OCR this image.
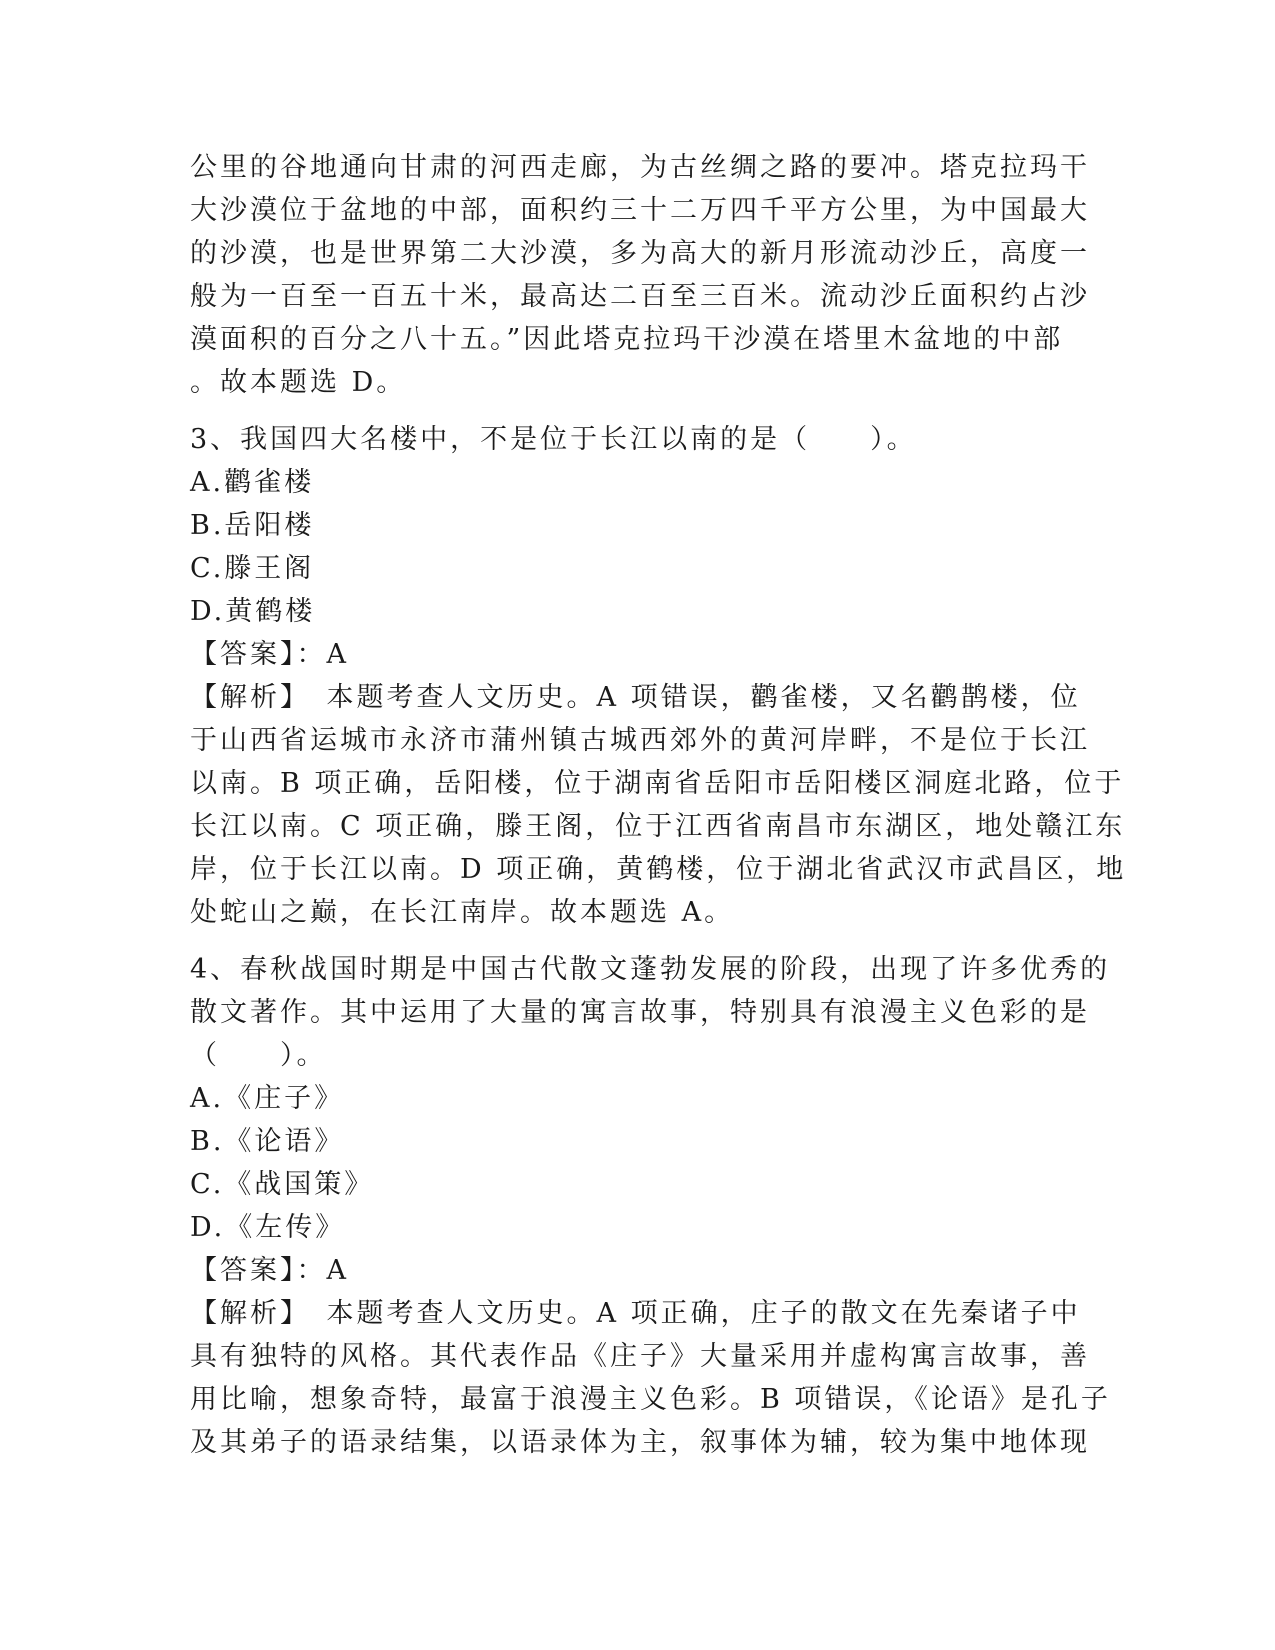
公里的谷地通向甘肃的河西走廊，为古丝绸之路的要冲。塔克拉玛干
大沙漠位于盆地的中部，面积约三十二万四千平方公里，为中国最大
的沙漠，也是世界第二大沙漠，多为高大的新月形流动沙丘，高度一
般为一百至一百五十米，最高达二百至三百米。流动沙丘面积约占沙
漠面积的百分之八十五。”因此塔克拉玛干沙漠在塔里木盆地的中部
。故本题选 D。
3、我国四大名楼中，不是位于长江以南的是（　　）。
A.鹳雀楼
B.岳阳楼
C.滕王阁
D.黄鹤楼
【答案】：A
【解析】　本题考查人文历史。A 项错误，鹳雀楼，又名鹳鹊楼，位
于山西省运城市永济市蒲州镇古城西郊外的黄河岸畔，不是位于长江
以南。B 项正确，岳阳楼，位于湖南省岳阳市岳阳楼区洞庭北路，位于
长江以南。C 项正确，滕王阁，位于江西省南昌市东湖区，地处赣江东
岸，位于长江以南。D 项正确，黄鹤楼，位于湖北省武汉市武昌区，地
处蛇山之巅，在长江南岸。故本题选 A。
4、春秋战国时期是中国古代散文蓬勃发展的阶段，出现了许多优秀的
散文著作。其中运用了大量的寓言故事，特别具有浪漫主义色彩的是
（　　）。
A.《庄子》
B.《论语》
C.《战国策》
D.《左传》
【答案】：A
【解析】　本题考查人文历史。A 项正确，庄子的散文在先秦诸子中
具有独特的风格。其代表作品《庄子》大量采用并虚构寓言故事，善
用比喻，想象奇特，最富于浪漫主义色彩。B 项错误，《论语》是孔子
及其弟子的语录结集，以语录体为主，叙事体为辅，较为集中地体现
